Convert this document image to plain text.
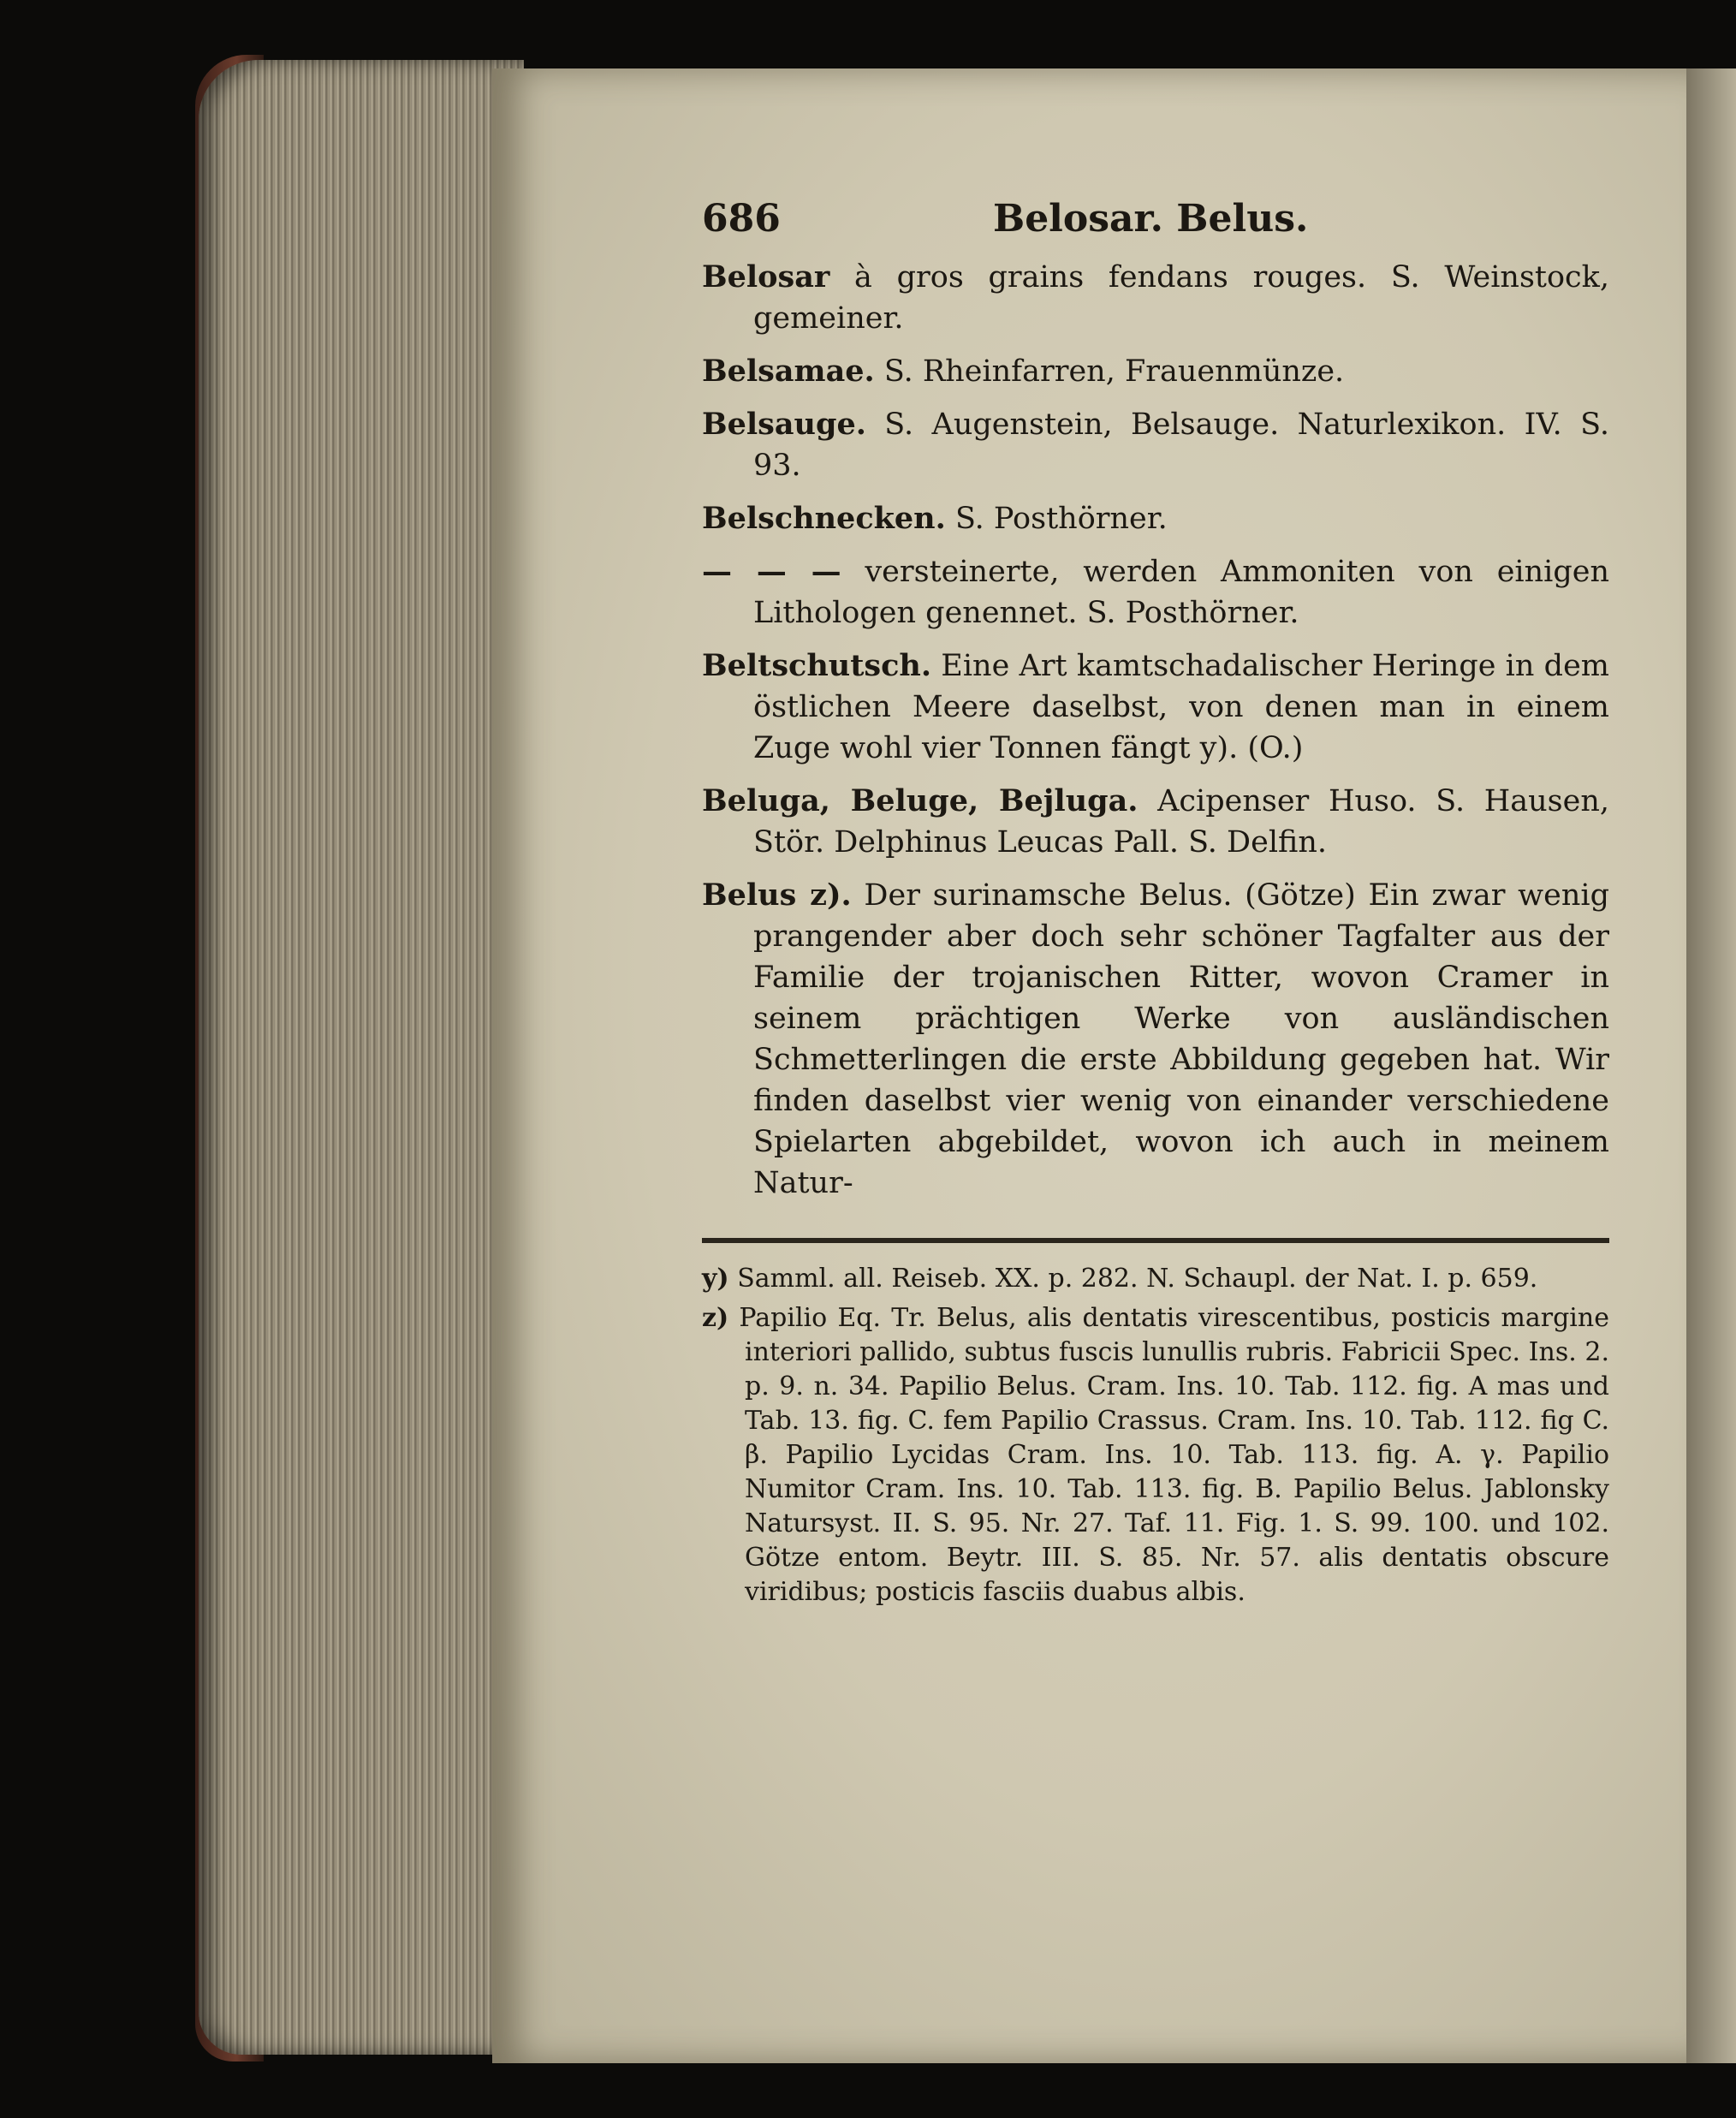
686	Belosar. Belus.

Belosar à gros grains fendans rouges. S. Weinstock, gemeiner.

Belsamae. S. Rheinfarren, Frauenmünze.

Belsauge. S. Augenstein, Belsauge. Naturlexikon. IV. S. 93.

Belschnecken. S. Posthörner.

— — — versteinerte, werden Ammoniten von einigen Lithologen genennet. S. Posthörner.

Beltschutsch. Eine Art kamtschadalischer Heringe in dem östlichen Meere daselbst, von denen man in einem Zuge wohl vier Tonnen fängt y). (O.)

Beluga, Beluge, Bejluga. Acipenser Huso. S. Hausen, Stör. Delphinus Leucas Pall. S. Delfin.

Belus z). Der surinamsche Belus. (Götze) Ein zwar wenig prangender aber doch sehr schöner Tagfalter aus der Familie der trojanischen Ritter, wovon Cramer in seinem prächtigen Werke von ausländischen Schmetterlingen die erste Abbildung gegeben hat. Wir finden daselbst vier wenig von einander verschiedene Spielarten abgebildet, wovon ich auch in meinem Natur-

y) Samml. all. Reiseb. XX. p. 282. N. Schaupl. der Nat. I. p. 659.

z) Papilio Eq. Tr. Belus, alis dentatis virescentibus, posticis margine interiori pallido, subtus fuscis lunullis rubris. Fabricii Spec. Ins. 2. p. 9. n. 34. Papilio Belus. Cram. Ins. 10. Tab. 112. fig. A mas und Tab. 13. fig. C. fem Papilio Crassus. Cram. Ins. 10. Tab. 112. fig C. β. Papilio Lycidas Cram. Ins. 10. Tab. 113. fig. A. γ. Papilio Numitor Cram. Ins. 10. Tab. 113. fig. B. Papilio Belus. Jablonsky Natursyst. II. S. 95. Nr. 27. Taf. 11. Fig. 1. S. 99. 100. und 102. Götze entom. Beytr. III. S. 85. Nr. 57. alis dentatis obscure viridibus; posticis fasciis duabus albis.
